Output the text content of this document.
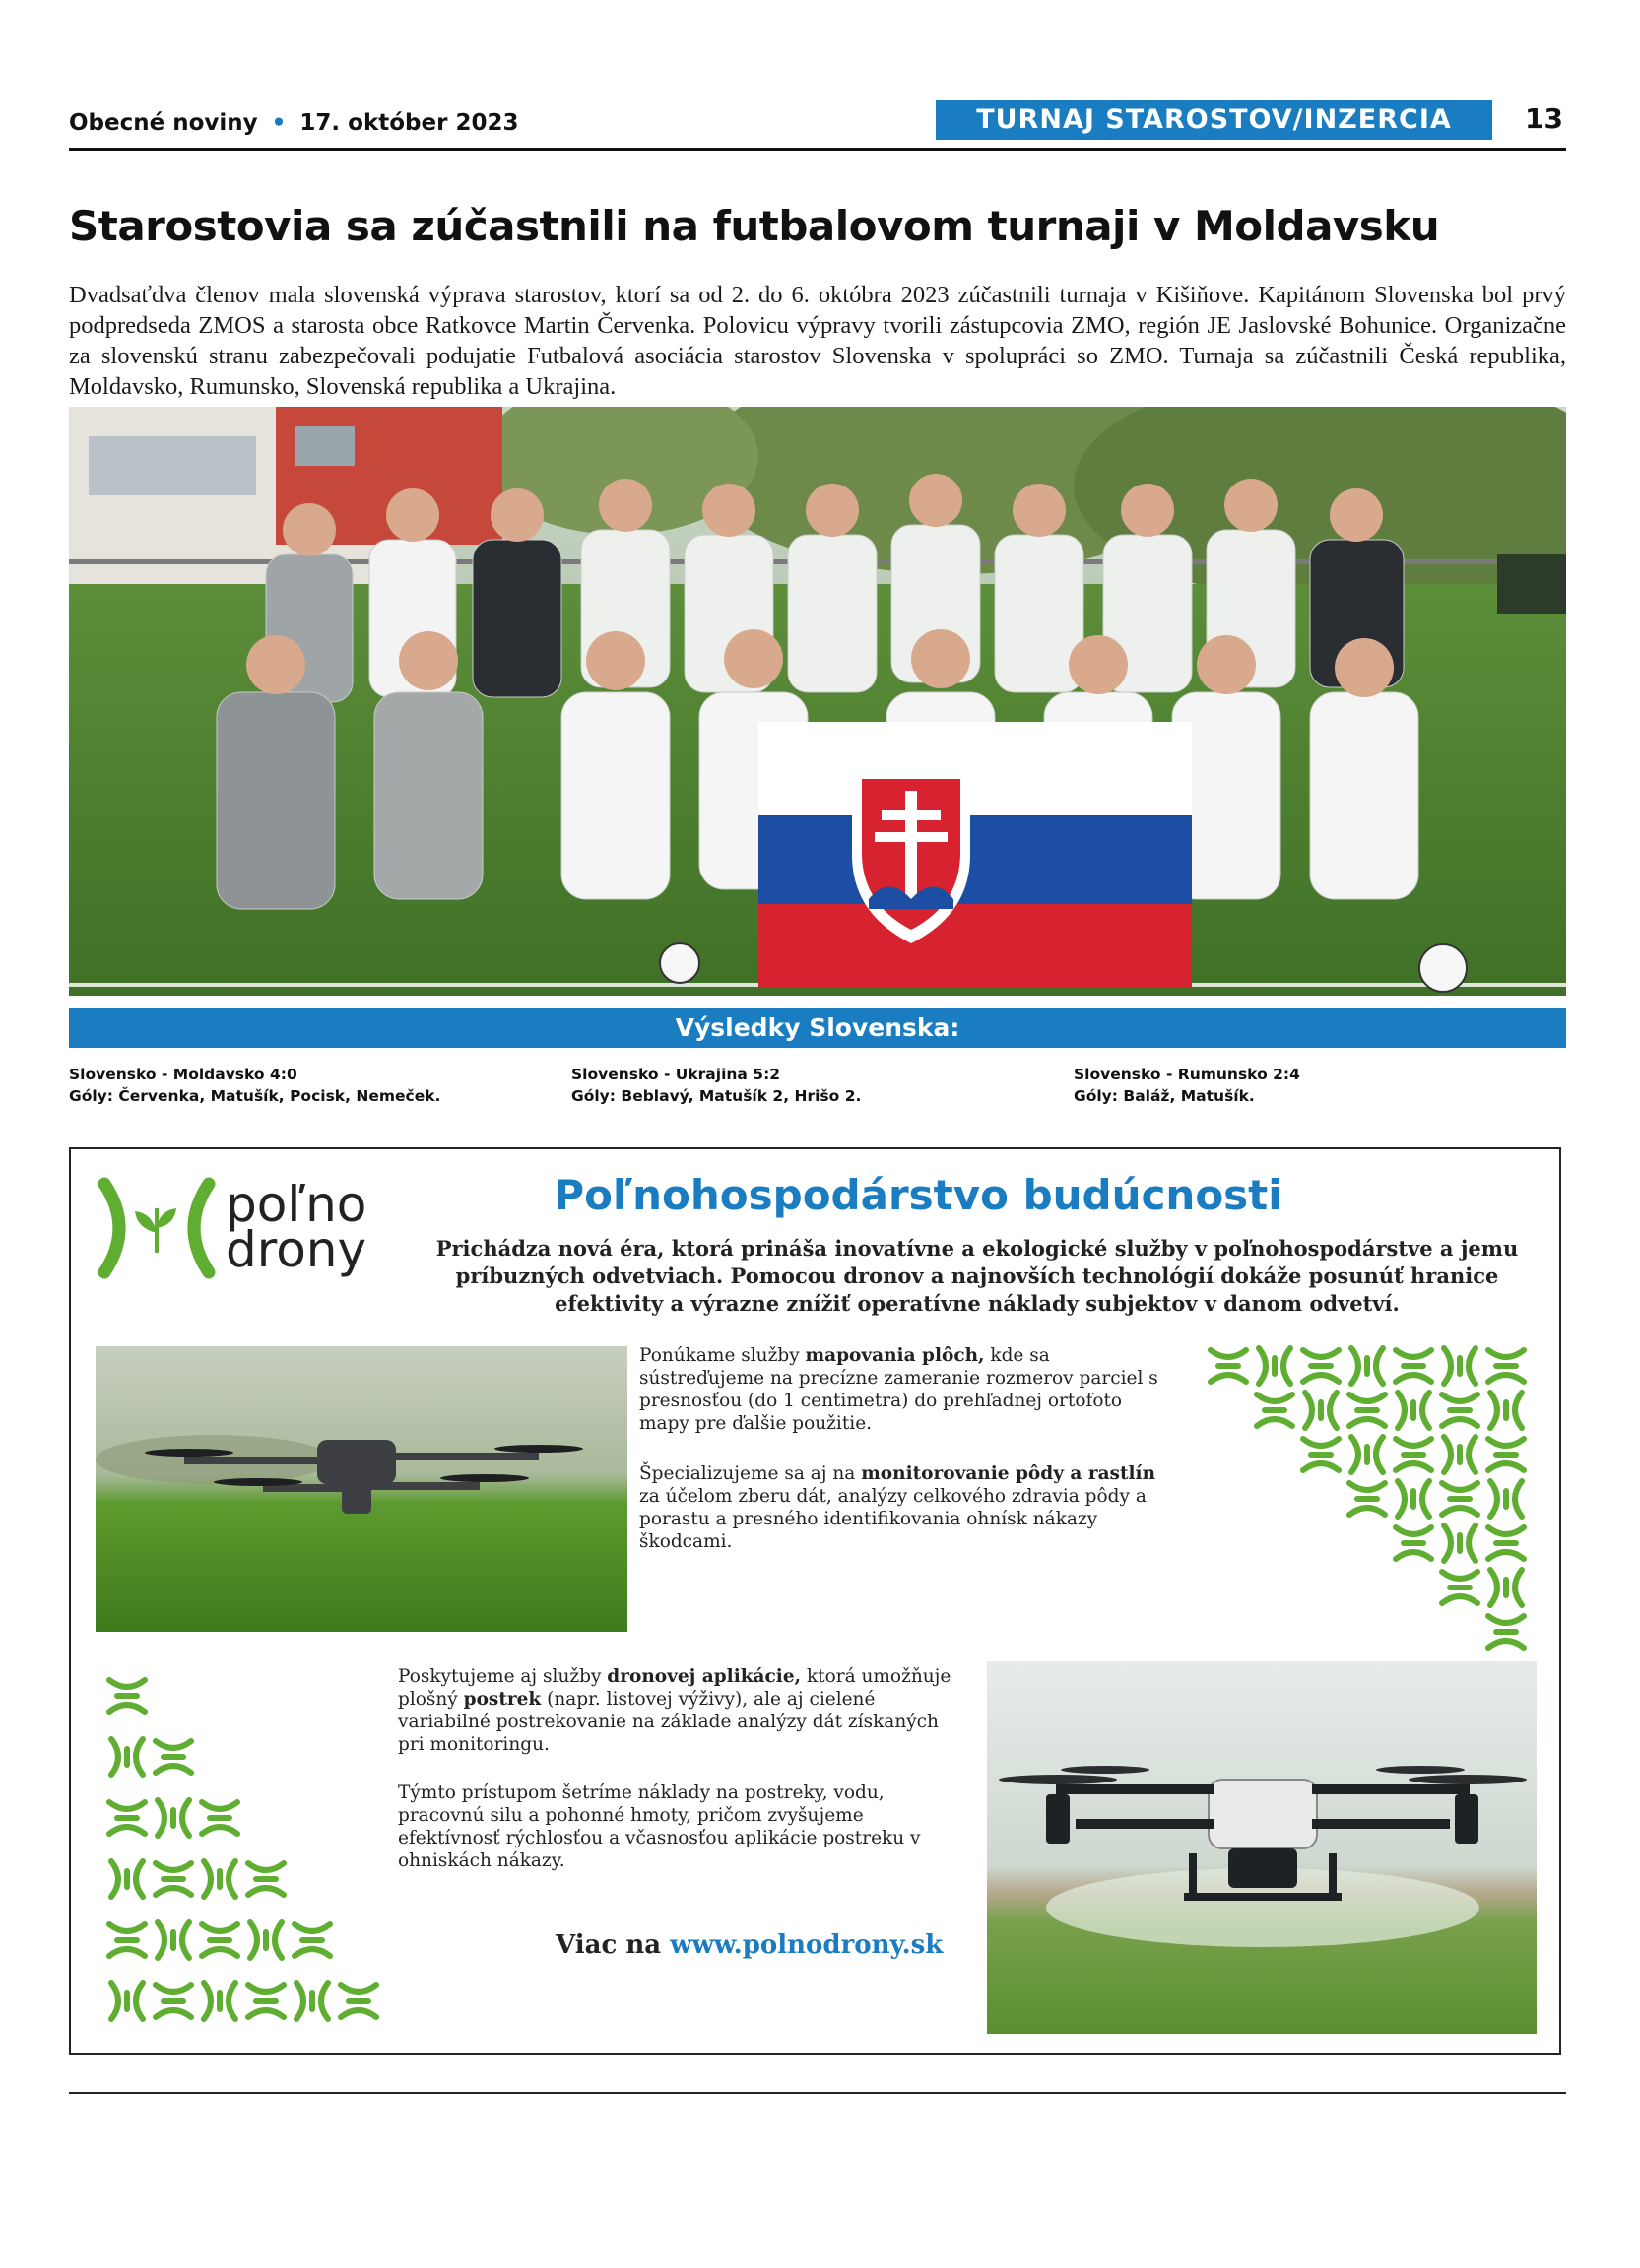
Obecné noviny • 17. október 2023	TURNAJ STAROSTOV/INZERCIA	13
Starostovia sa zúčastnili na futbalovom turnaji v Moldavsku

Dvadsaťdva členov mala slovenská výprava starostov, ktorí sa od 2. do 6. októbra 2023 zúčastnili turnaja v Kišiňove. Kapitánom Slovenska bol prvý podpredseda ZMOS a starosta obce Ratkovce Martin Červenka. Polovicu výpravy tvorili zástupcovia ZMO, región JE Jaslovské Bohunice. Organizačne za slovenskú stranu zabezpečovali podujatie Futbalová asociácia starostov Slovenska v spolupráci so ZMO. Turnaja sa zúčastnili Česká republika, Moldavsko, Rumunsko, Slovenská republika a Ukrajina.

Výsledky Slovenska:
Slovensko - Moldavsko 4:0
Góly: Červenka, Matušík, Pocisk, Nemeček.
Slovensko - Ukrajina 5:2
Góly: Beblavý, Matušík 2, Hrišo 2.
Slovensko - Rumunsko 2:4
Góly: Baláž, Matušík.
poľno
drony
Poľnohospodárstvo budúcnosti
Prichádza nová éra, ktorá prináša inovatívne a ekologické služby v poľnohospodárstve a jemu príbuzných odvetviach. Pomocou dronov a najnovších technológií dokáže posunúť hranice efektivity a výrazne znížiť operatívne náklady subjektov v danom odvetví.
Ponúkame služby mapovania plôch, kde sa sústreďujeme na precízne zameranie rozmerov parciel s presnosťou (do 1 centimetra) do prehľadnej ortofoto mapy pre ďalšie použitie.
Špecializujeme sa aj na monitorovanie pôdy a rastlín za účelom zberu dát, analýzy celkového zdravia pôdy a porastu a presného identifikovania ohnísk nákazy škodcami.
Poskytujeme aj služby dronovej aplikácie, ktorá umožňuje plošný postrek (napr. listovej výživy), ale aj cielené variabilné postrekovanie na základe analýzy dát získaných pri monitoringu.
Týmto prístupom šetríme náklady na postreky, vodu, pracovnú silu a pohonné hmoty, pričom zvyšujeme efektívnosť rýchlosťou a včasnosťou aplikácie postreku v ohniskách nákazy.
Viac na www.polnodrony.sk
